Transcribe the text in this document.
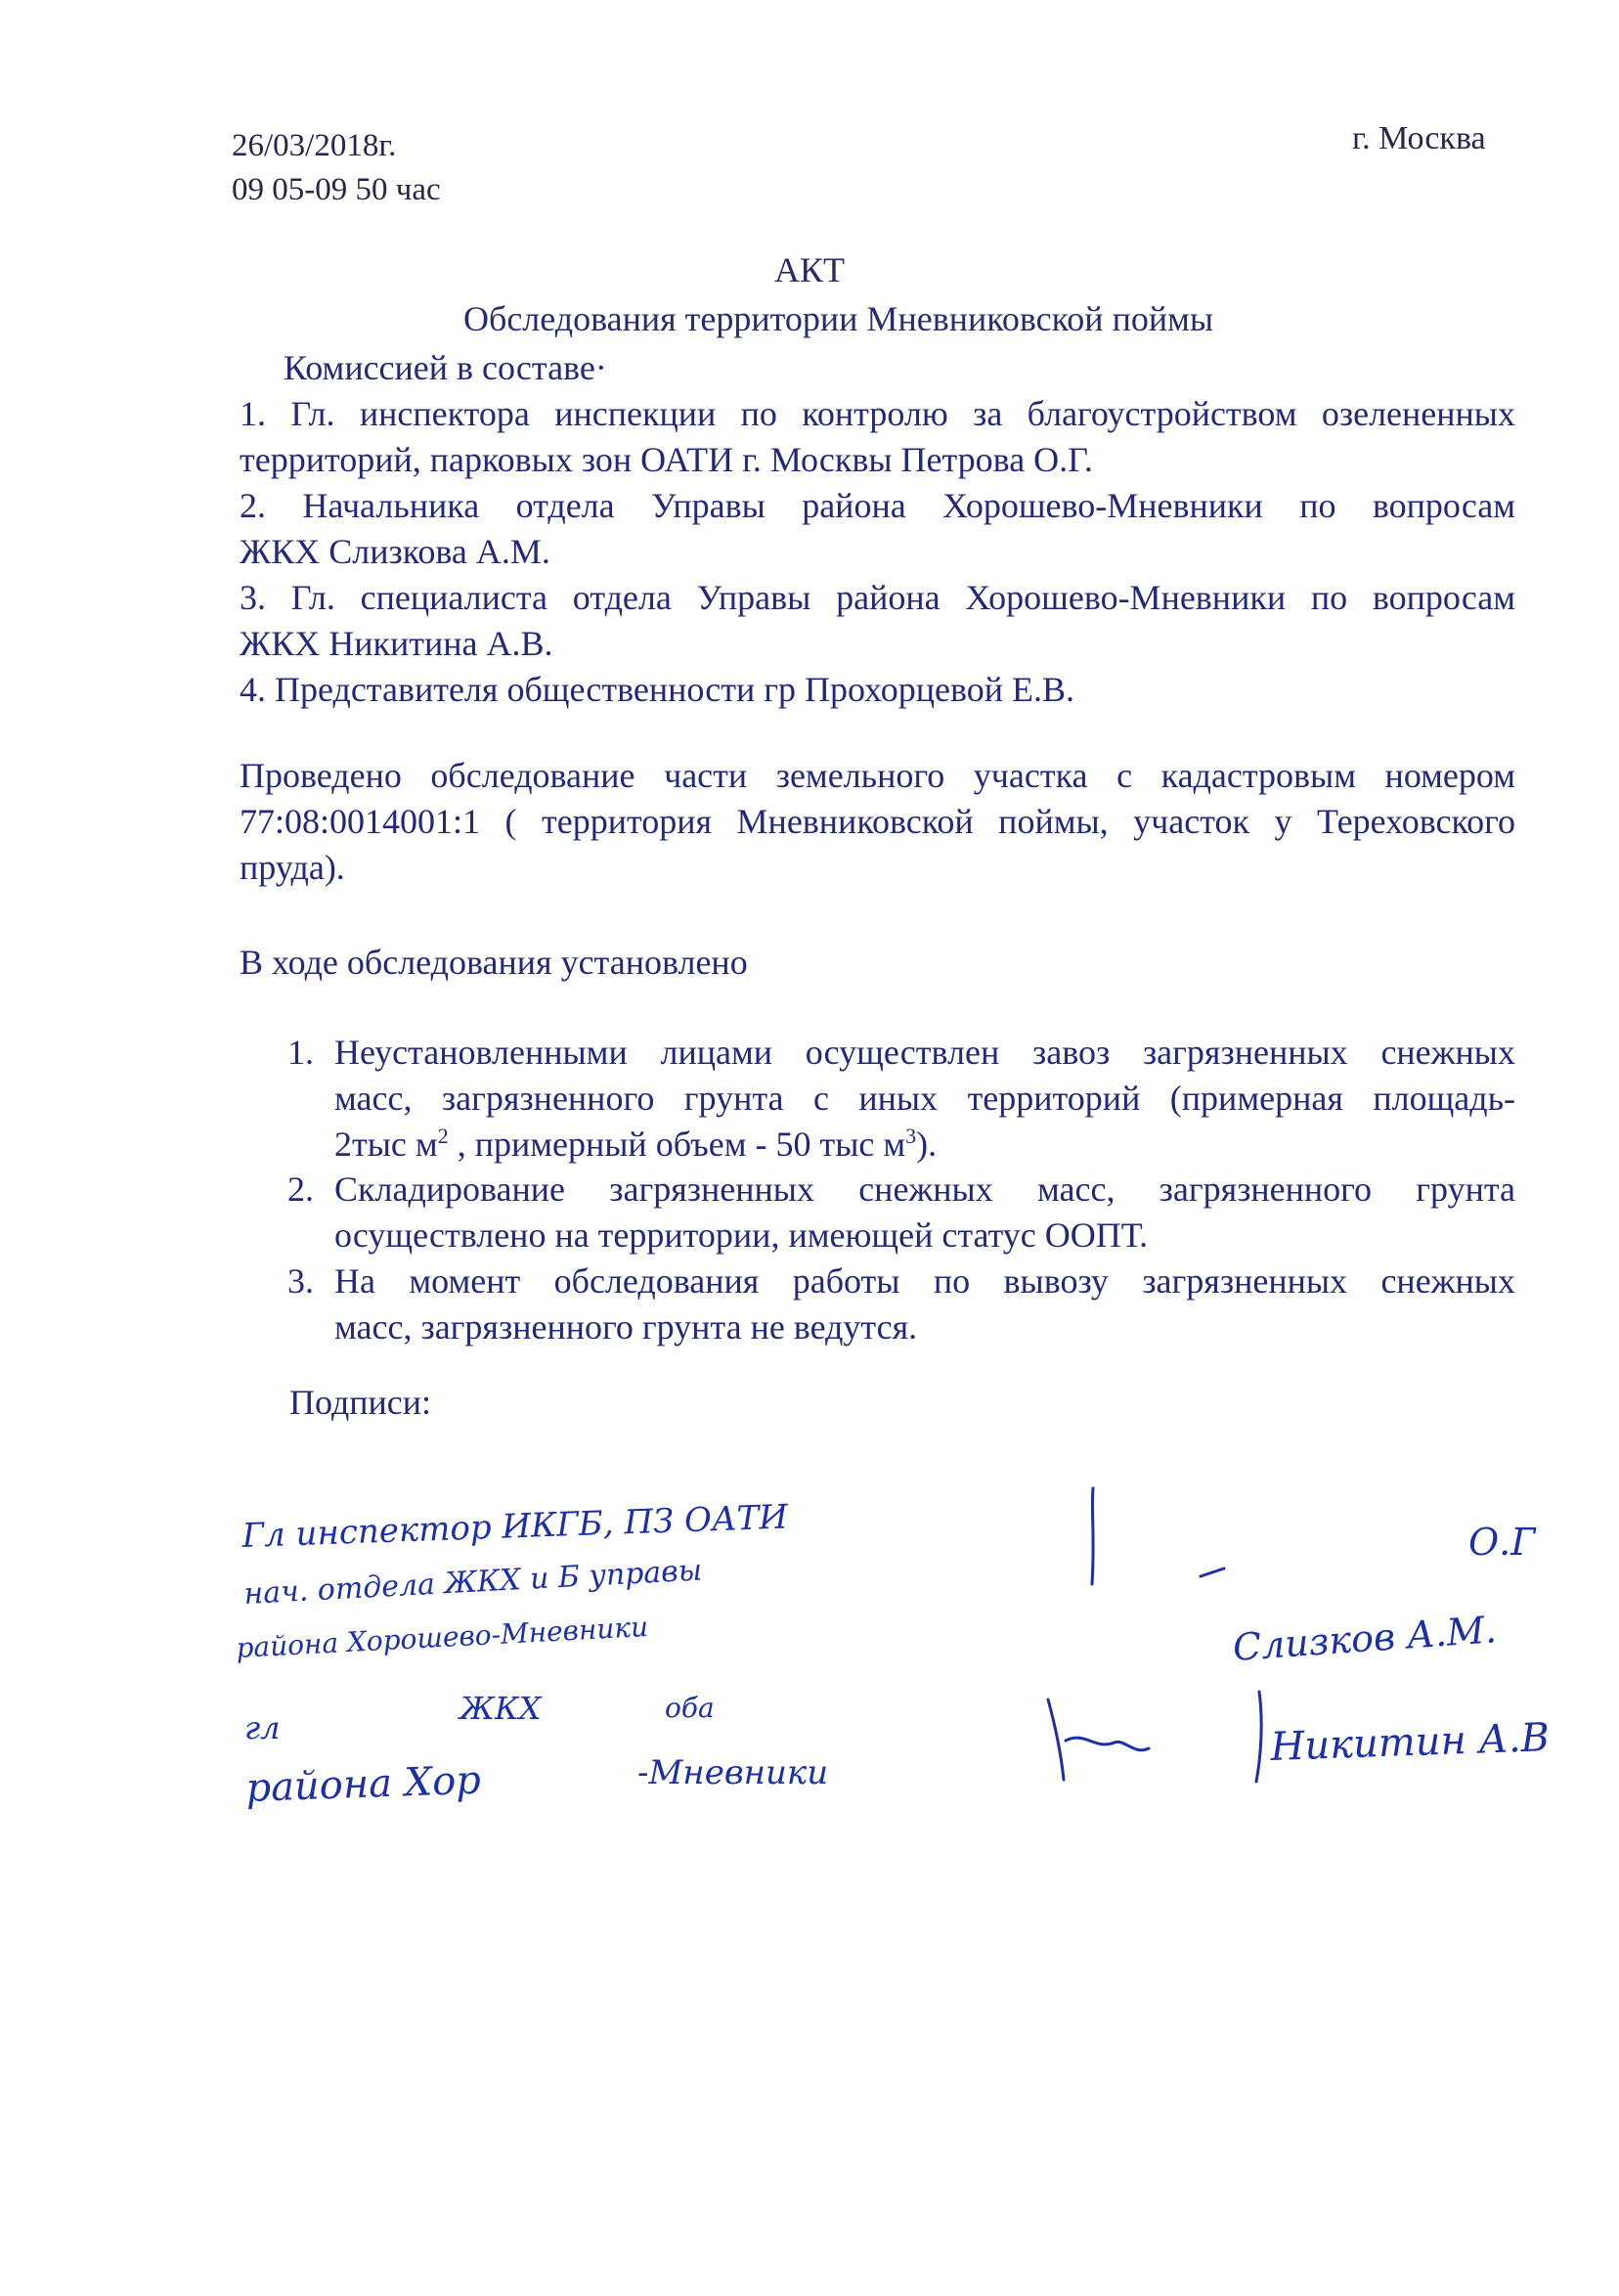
26/03/2018г.
09 05-09 50 час
г. Москва
АКТ
Обследования территории Мневниковской поймы
Комиссией в составе·
1. Гл. инспектора инспекции по контролю за благоустройством озелененных
территорий, парковых зон ОАТИ г. Москвы Петрова О.Г.
2. Начальника отдела Управы района Хорошево-Мневники по вопросам
ЖКХ Слизкова А.М.
3. Гл. специалиста отдела Управы района Хорошево-Мневники по вопросам
ЖКХ Никитина А.В.
4. Представителя общественности гр Прохорцевой Е.В.
Проведено обследование части земельного участка с кадастровым номером
77:08:0014001:1 ( территория Мневниковской поймы, участок у Тереховского
пруда).
В ходе обследования установлено
1. Неустановленными лицами осуществлен завоз загрязненных снежных
масс, загрязненного грунта с иных территорий (примерная площадь-
2тыс $м^2$ , примерный объем - 50 тыс $м^3$).
2. Складирование загрязненных снежных масс, загрязненного грунта
осуществлено на территории, имеющей статус ООПТ.
3. На момент обследования работы по вывозу загрязненных снежных
масс, загрязненного грунта не ведутся.
Подписи:
Гл инспектор ИКГБ, ПЗ ОАТИ
нач. отдела ЖКХ и Б управы
района Хорошево-Мневники
гл
ЖКХ	оба
района Хор	-Мневники
О.Г
Слизков А.М.
Никитин А.В
